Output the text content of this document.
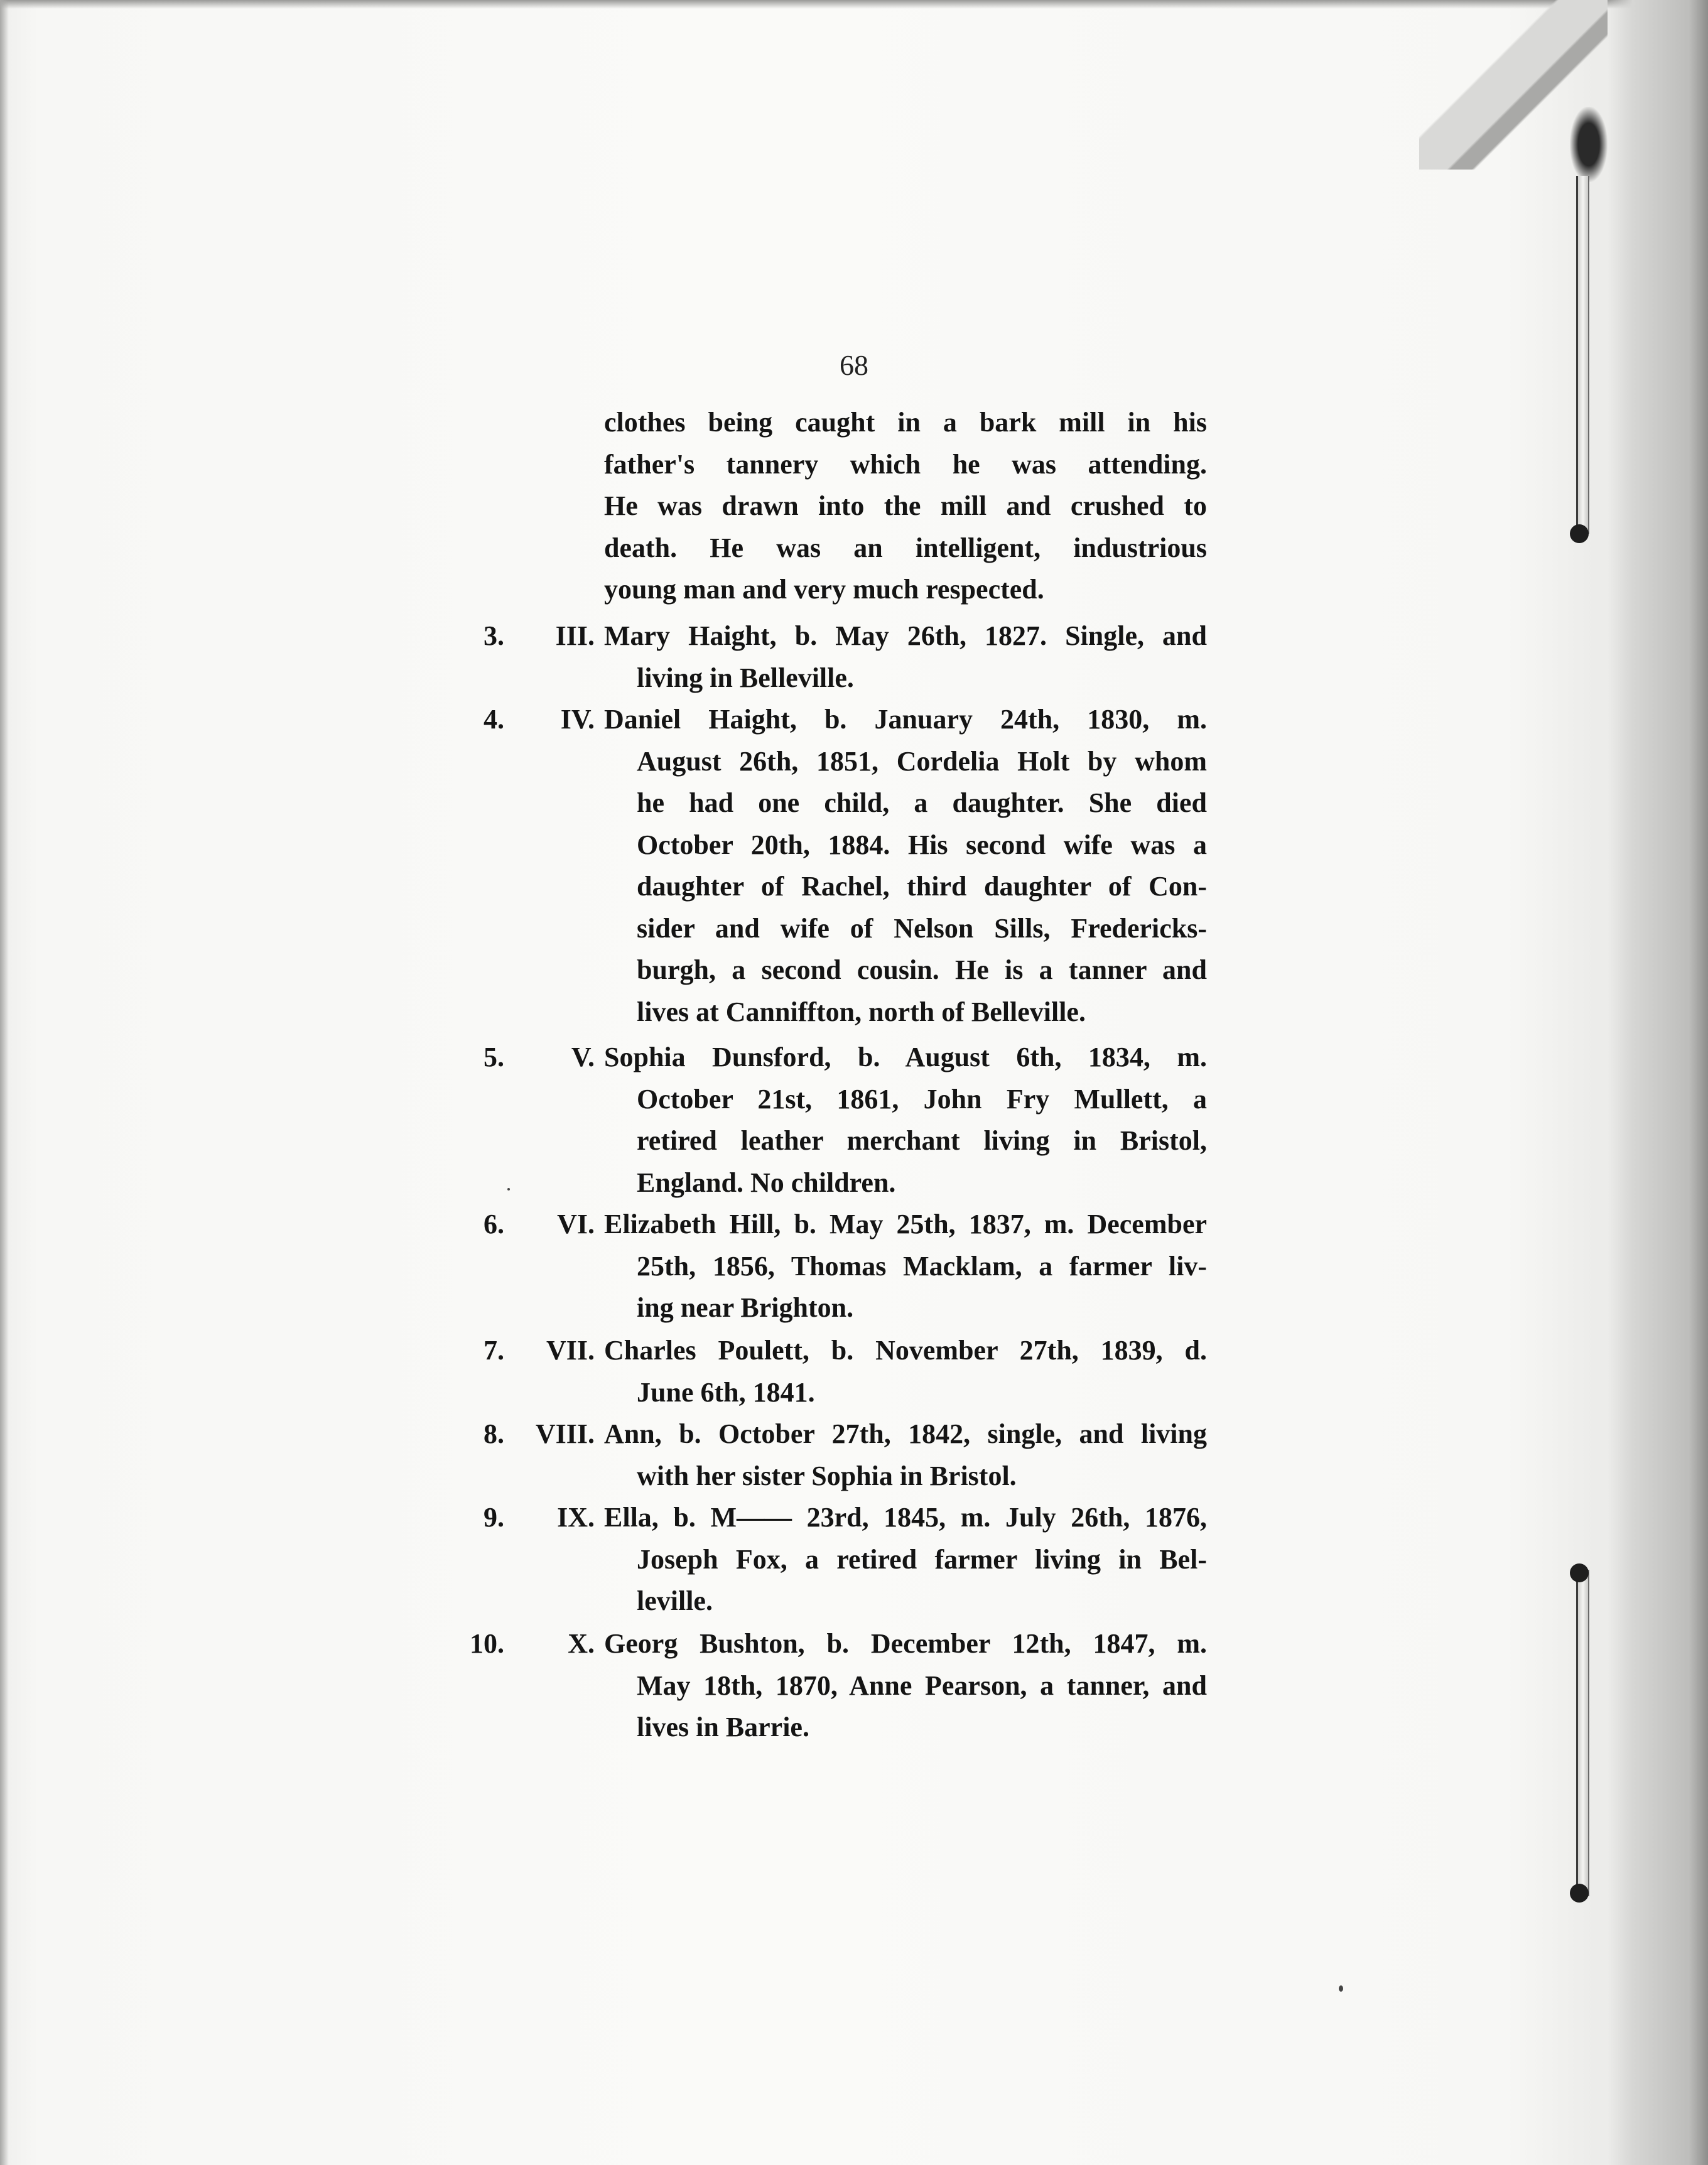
68
clothes being caught in a bark mill in his
father's tannery which he was attending.
He was drawn into the mill and crushed to
death. He was an intelligent, industrious
young man and very much respected.
3.	III. Mary Haight, b. May 26th, 1827. Single, and
living in Belleville.
4.	IV. Daniel Haight, b. January 24th, 1830, m.
August 26th, 1851, Cordelia Holt by whom
he had one child, a daughter. She died
October 20th, 1884. His second wife was a
daughter of Rachel, third daughter of Con-
sider and wife of Nelson Sills, Fredericks-
burgh, a second cousin. He is a tanner and
lives at Canniffton, north of Belleville.
5.	V. Sophia Dunsford, b. August 6th, 1834, m.
October 21st, 1861, John Fry Mullett, a
retired leather merchant living in Bristol,
England. No children.
6.	VI. Elizabeth Hill, b. May 25th, 1837, m. December
25th, 1856, Thomas Macklam, a farmer liv-
ing near Brighton.
7.	VII. Charles Poulett, b. November 27th, 1839, d.
June 6th, 1841.
8.	VIII. Ann, b. October 27th, 1842, single, and living
with her sister Sophia in Bristol.
9.	IX. Ella, b. M—— 23rd, 1845, m. July 26th, 1876,
Joseph Fox, a retired farmer living in Bel-
leville.
10.	X. Georg Bushton, b. December 12th, 1847, m.
May 18th, 1870, Anne Pearson, a tanner, and
lives in Barrie.
